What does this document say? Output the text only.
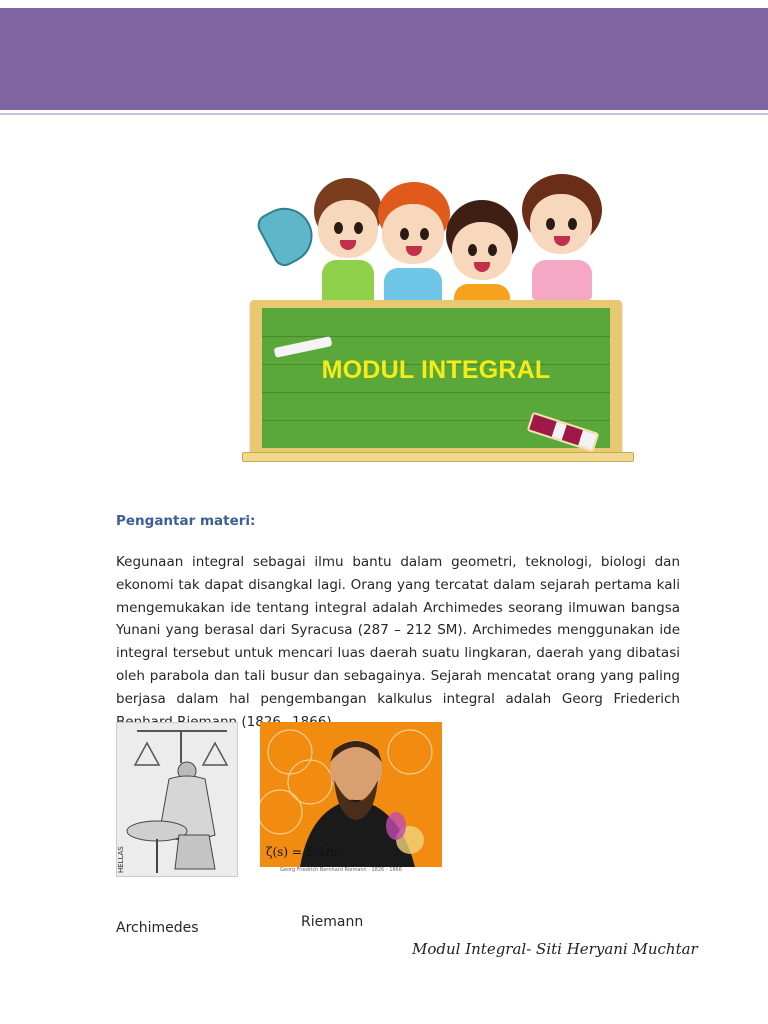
MODUL INTEGRAL
Pengantar materi:

Kegunaan integral sebagai ilmu bantu dalam geometri, teknologi, biologi dan ekonomi tak dapat disangkal lagi. Orang yang tercatat dalam sejarah pertama kali mengemukakan ide tentang integral adalah Archimedes seorang ilmuwan bangsa Yunani yang berasal dari Syracusa (287 – 212 SM). Archimedes menggunakan ide integral tersebut untuk mencari luas daerah suatu lingkaran, daerah yang dibatasi oleh parabola dan tali busur dan sebagainya. Sejarah mencatat orang yang paling berjasa dalam hal pengembangan kalkulus integral adalah Georg Friederich

HELLAS	ζ(s) = Σ 1/nˢ
Georg Friedrich Bernhard Riemann · 1826 - 1866
Archimedes	Riemann
Modul Integral- Siti Heryani Muchtar
